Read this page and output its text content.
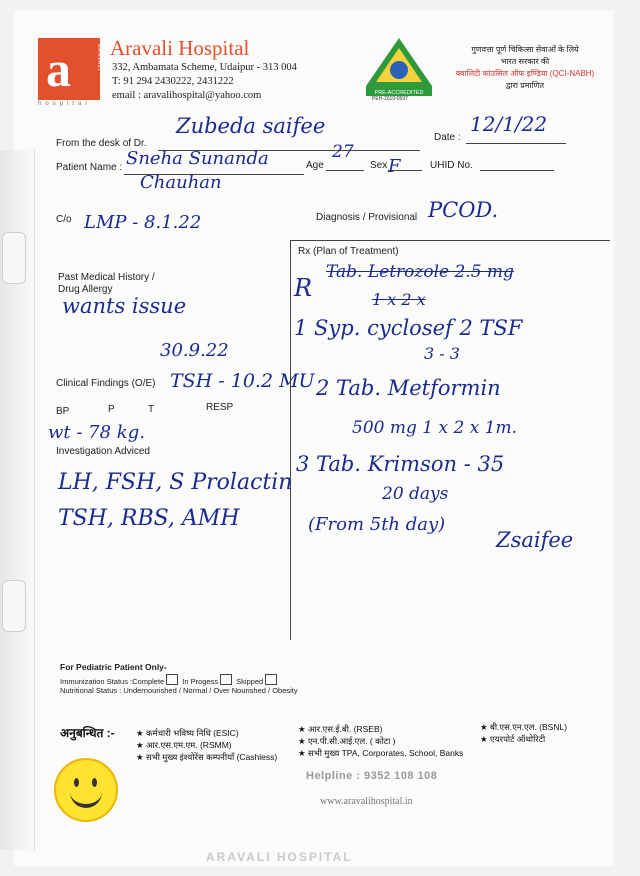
a	ARAVALI
hospital
Aravali Hospital
332, Ambamata Scheme, Udaipur - 313 004
T: 91 294 2430222, 2431222
email : aravalihospital@yahoo.com	PRE-ACCREDITED
PEH-2019-0597
गुणवत्ता पूर्ण चिकित्सा सेवाओं के लिये
भारत सरकार की
क्वालिटी कांउसिल ऑफ इण्डिया (QCI-NABH)
द्वारा प्रमाणित
From the desk of Dr.
Zubeda saifee	Date :
12/1/22
Patient Name : Sneha Sunanda
Chauhan
Age
27
Sex F	UHID No.
C/o LMP - 8.1.22	Diagnosis / Provisional PCOD.
Past Medical History /
Drug Allergy
wants issue
30.9.22
Clinical Findings (O/E) TSH - 10.2 MU
BP	P	T	RESP
wt - 78 kg.
Investigation Adviced
LH, FSH, S Prolactin
TSH, RBS, AMH
Rx (Plan of Treatment)
R
Tab. Letrozole 2.5 mg
1 x 2 x
1 Syp. cyclosef 2 TSF
3 - 3
2 Tab. Metformin
500 mg 1 x 2 x 1m.
3 Tab. Krimson - 35
20 days
(From 5th day)
Zsaifee
For Pediatric Patient Only-
Immunization Status :Complete In Progess Skipped
Nutritional Status : Undernourished / Normal / Over Nourished / Obesity
अनुबन्धित :-
★	कर्मचारी भविष्य निधि (ESIC)
★ आर.एस.एम.एम. (RSMM)
★ सभी मुख्य इंश्योरेंस कम्पनीयाँ (Cashless)
★ आर.एस.ई.बी. (RSEB)
★ एन.पी.सी.आई.एल. ( कोटा )
★ सभी मुख्य TPA, Corporates, School, Banks
★ बी.एस.एन.एल. (BSNL)
★ एयरपोर्ट ऑथोरिटी
Helpline : 9352 108 108
www.aravalihospital.in
ARAVALI HOSPITAL
